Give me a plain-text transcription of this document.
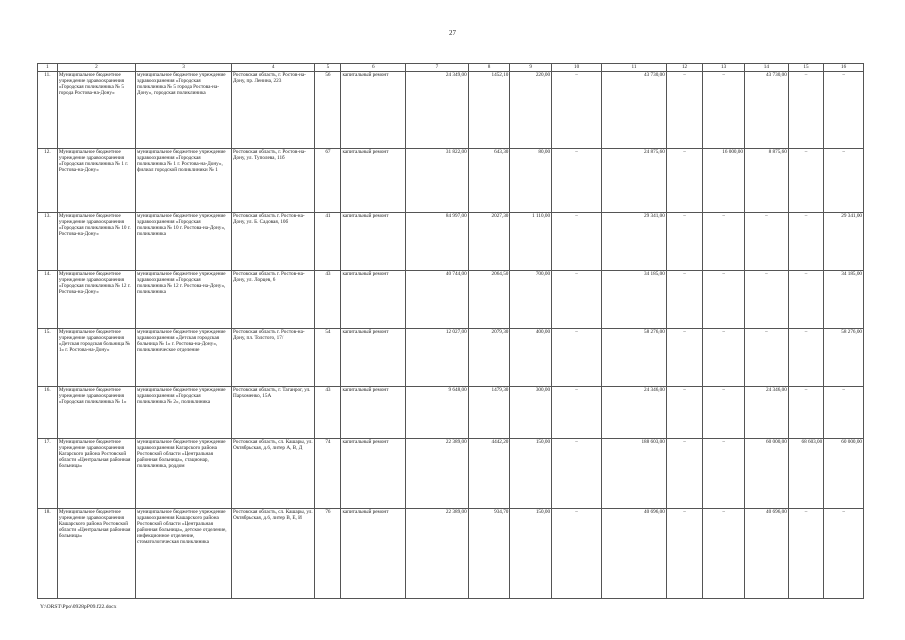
27
1	2	3	4	5	6	7	8	9	10	11	12	13	14	15	16
11.	Муниципальное бюджетное учреждение здравоохранения «Городская поликлиника № 5 города Ростова-на-Дону»	муниципальное бюджетное учреждение здравоохранения «Городская поликлиника № 5 города Ростова-на-Дону», городская поликлиника	Ростовская область, г. Ростов-на-Дону, пр. Ленина, 223	56	капитальный ремонт	24 349,00	1452,10	220,00	–	43 730,00	–	–	43 730,00	–	–
12.	Муниципальное бюджетное учреждение здравоохранения «Городская поликлиника № 1 г. Ростова-на-Дону»	муниципальное бюджетное учреждение здравоохранения «Городская поликлиника № 1 г. Ростова-на-Дону», филиал городской поликлиники № 1	Ростовская область, г. Ростов-на-Дону, ул. Туполева, 11б	67	капитальный ремонт	31 822,00	643,30	80,00	–	24 875,60	–	16 000,00	8 875,60	–	–
13.	Муниципальное бюджетное учреждение здравоохранения «Городская поликлиника № 10 г. Ростова-на-Дону»	муниципальное бюджетное учреждение здравоохранения «Городская поликлиника № 10 г. Ростова-на-Дону», поликлиника	Ростовская область г. Ростов-на-Дону, ул. Б. Садовая, 10б	41	капитальный ремонт	84 997,00	2027,30	1 110,00	–	29 341,00	–	–	–	–	29 341,00
14.	Муниципальное бюджетное учреждение здравоохранения «Городская поликлиника № 12 г. Ростова-на-Дону»	муниципальное бюджетное учреждение здравоохранения «Городская поликлиника № 12 г. Ростова-на-Дону», поликлиника	Ростовская область г. Ростов-на-Дону, ул. Лорцев, 6	43	капитальный ремонт	40 744,00	2064,50	700,00	–	34 185,00	–	–	–	–	34 185,00
15.	Муниципальное бюджетное учреждение здравоохранения «Детская городская больница № 1» г. Ростова-на-Дону»	муниципальное бюджетное учреждение здравоохранения «Детская городская больница № 1» г. Ростова-на-Дону», поликлиническое отделение	Ростовская область г. Ростов-на-Дону, пл. Толстого, 17/	54	капитальный ремонт	12 027,00	2079,30	400,00	–	58 276,00	–	–	–	–	58 276,00
16.	Муниципальное бюджетное учреждение здравоохранения «Городская поликлиника № 1»	муниципальное бюджетное учреждение здравоохранения «Городская поликлиника № 2», поликлиника	Ростовская область, г. Таганрог, ул. Пархоменко, 15А	43	капитальный ремонт	9 648,00	1479,30	300,00	–	24 346,00	–	–	24 346,00	–	–
17.	Муниципальное бюджетное учреждение здравоохранения Кагарского района Ростовской области «Центральная районная больница»	муниципальное бюджетное учреждение здравоохранения Кагарского района Ростовской области «Центральная районная больница», стационар, поликлиника, роддом	Ростовская область, сл. Кашары, ул. Октябрьская, д.6, литер А, В, Д	74	капитальный ремонт	22 389,00	4442,20	150,00	–	188 603,00	–	–	60 000,00	68 603,00	60 000,00
18.	Муниципальное бюджетное учреждение здравоохранения Кашарского района Ростовской области «Центральная районная больница»	муниципальное бюджетное учреждение здравоохранения Кашарского района Ростовской области «Центральная районная больница», детское отделение, инфекционное отделение, стоматологическая поликлиника	Ростовская область, сл. Кашары, ул. Октябрьская, д.6, литер В, Е, И	76	капитальный ремонт	22 389,00	934,70	150,00	–	40 696,00	–	–	40 696,00	–	–
Y:\ORST\Ppo\0928pP09.f22.docx
